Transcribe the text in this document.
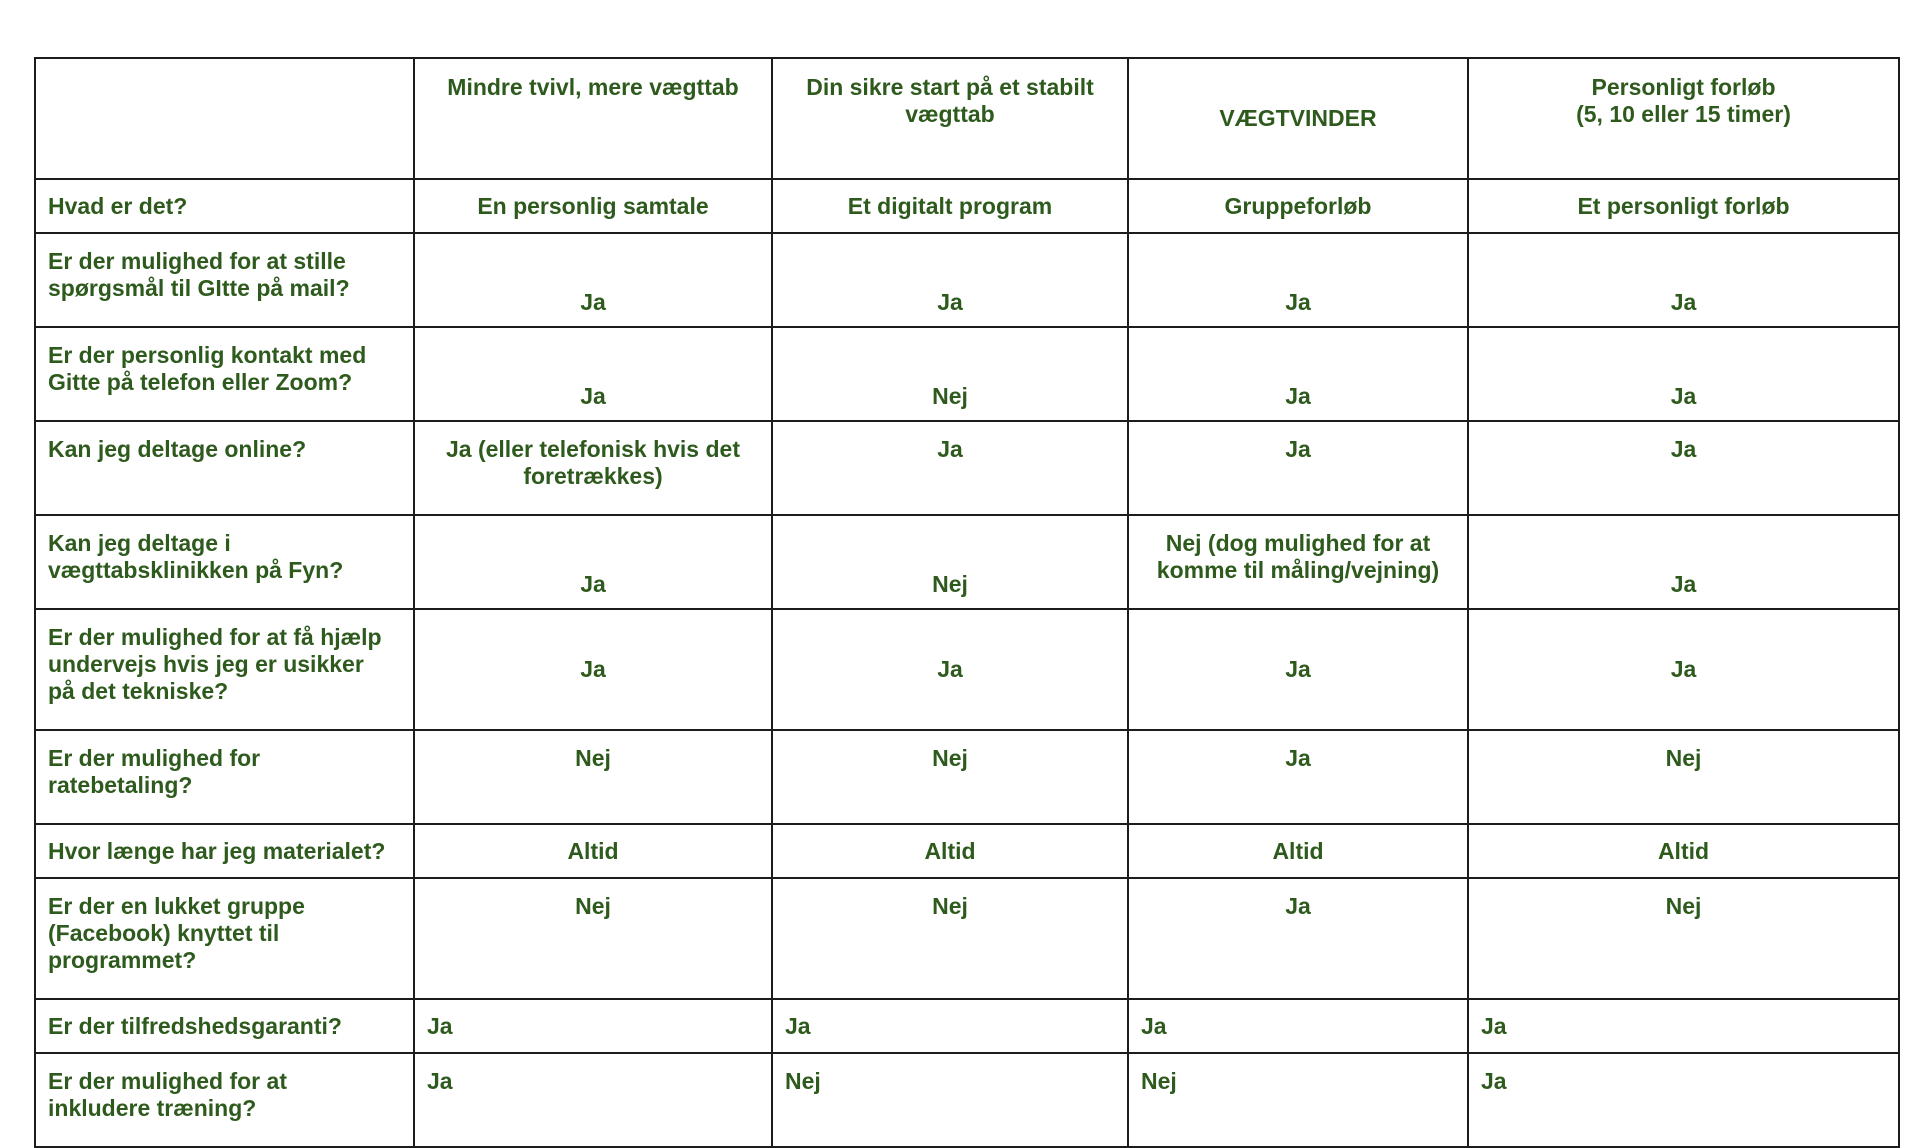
	Mindre tvivl, mere vægttab	Din sikre start på et stabilt
vægttab	VÆGTVINDER	Personligt forløb
(5, 10 eller 15 timer)

Hvad er det?	En personlig samtale	Et digitalt program	Gruppeforløb	Et personligt forløb

Er der mulighed for at stille
spørgsmål til GItte på mail?	Ja	Ja	Ja	Ja

Er der personlig kontakt med
Gitte på telefon eller Zoom?	Ja	Nej	Ja	Ja
Kan jeg deltage online?	Ja (eller telefonisk hvis det
foretrækkes)	Ja	Ja	Ja

Kan jeg deltage i
vægttabsklinikken på Fyn?	Ja	Nej	Nej (dog mulighed for at
komme til måling/vejning)	Ja

Er der mulighed for at få hjælp
undervejs hvis jeg er usikker
på det tekniske?	Ja	Ja	Ja	Ja

Er der mulighed for
ratebetaling?	Nej	Nej	Ja	Nej
Hvor længe har jeg materialet?	Altid	Altid	Altid	Altid

Er der en lukket gruppe
(Facebook) knyttet til
programmet?	Nej	Nej	Ja	Nej
Er der tilfredshedsgaranti?	Ja	Ja	Ja	Ja

Er der mulighed for at
inkludere træning?	Ja	Nej	Nej	Ja
